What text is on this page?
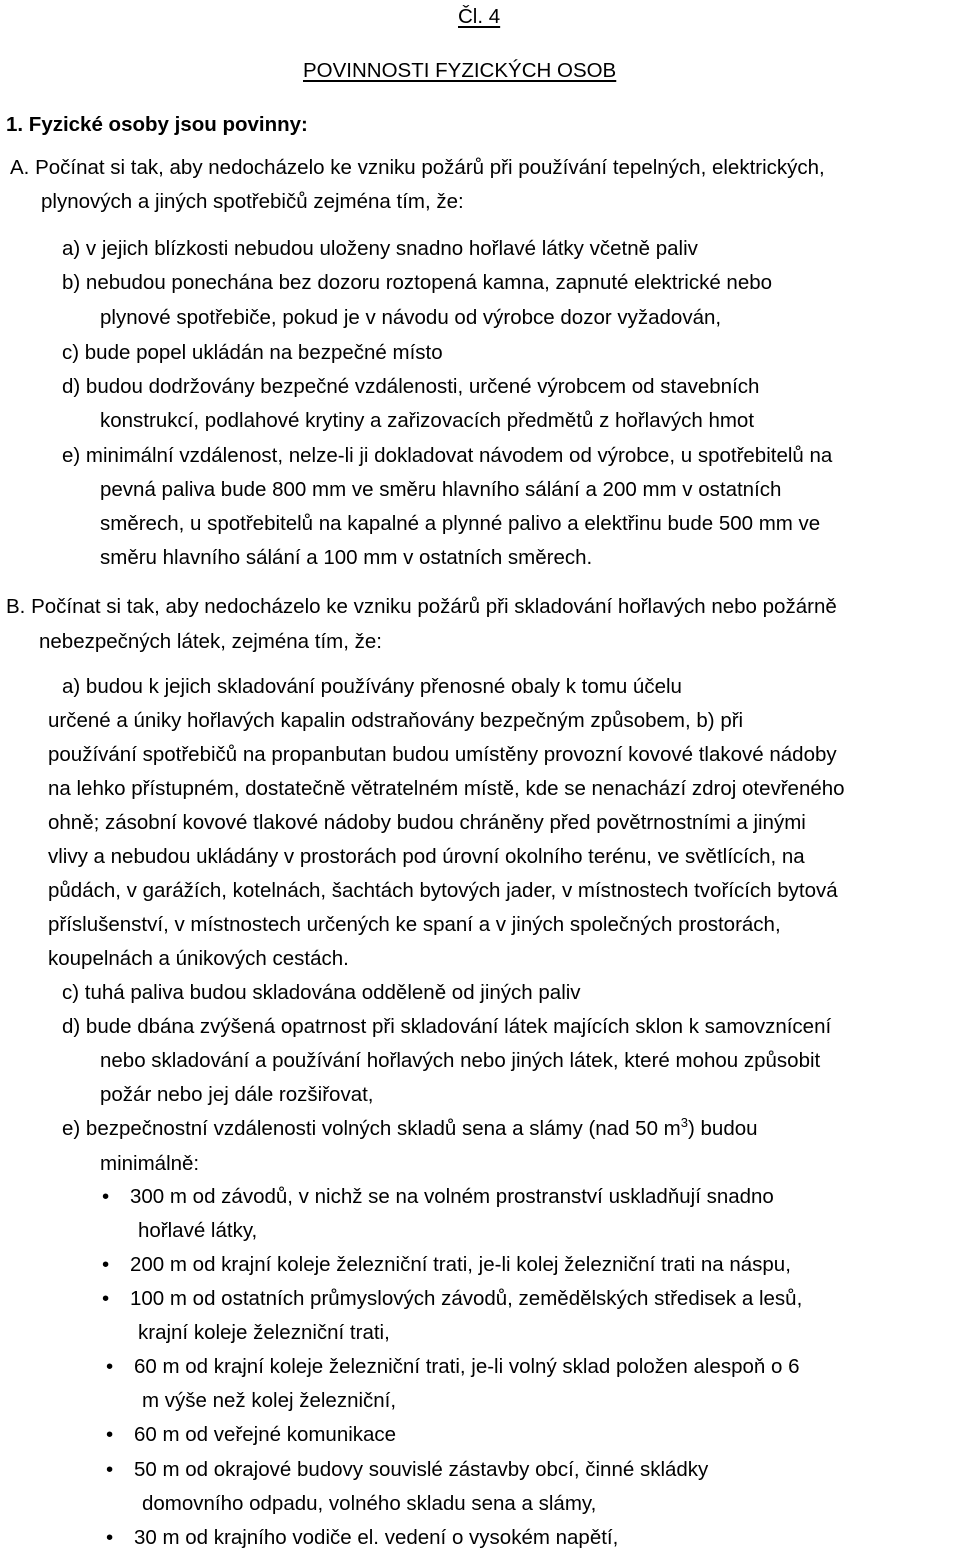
Čl. 4
POVINNOSTI FYZICKÝCH OSOB
1. Fyzické osoby jsou povinny:
A. Počínat si tak, aby nedocházelo ke vzniku požárů při používání tepelných, elektrických,
plynových a jiných spotřebičů zejména tím, že:
a) v jejich blízkosti nebudou uloženy snadno hořlavé látky včetně paliv
b) nebudou ponechána bez dozoru roztopená kamna, zapnuté elektrické nebo
plynové spotřebiče, pokud je v návodu od výrobce dozor vyžadován,
c) bude popel ukládán na bezpečné místo
d) budou dodržovány bezpečné vzdálenosti, určené výrobcem od stavebních
konstrukcí, podlahové krytiny a zařizovacích předmětů z hořlavých hmot
e) minimální vzdálenost, nelze-li ji dokladovat návodem od výrobce, u spotřebitelů na
pevná paliva bude 800 mm ve směru hlavního sálání a 200 mm v ostatních
směrech, u spotřebitelů na kapalné a plynné palivo a elektřinu bude 500 mm ve
směru hlavního sálání a 100 mm v ostatních směrech.
B. Počínat si tak, aby nedocházelo ke vzniku požárů při skladování hořlavých nebo požárně
nebezpečných látek, zejména tím, že:
a) budou k jejich skladování používány přenosné obaly k tomu účelu
určené a úniky hořlavých kapalin odstraňovány bezpečným způsobem, b) při
používání spotřebičů na propanbutan budou umístěny provozní kovové tlakové nádoby
na lehko přístupném, dostatečně větratelném místě, kde se nenachází zdroj otevřeného
ohně; zásobní kovové tlakové nádoby budou chráněny před povětrnostními a jinými
vlivy a nebudou ukládány v prostorách pod úrovní okolního terénu, ve světlících, na
půdách, v garážích, kotelnách, šachtách bytových jader, v místnostech tvořících bytová
příslušenství, v místnostech určených ke spaní a v jiných společných prostorách,
koupelnách a únikových cestách.
c) tuhá paliva budou skladována odděleně od jiných paliv
d) bude dbána zvýšená opatrnost při skladování látek majících sklon k samovznícení
nebo skladování a používání hořlavých nebo jiných látek, které mohou způsobit
požár nebo jej dále rozšiřovat,
e) bezpečnostní vzdálenosti volných skladů sena a slámy (nad 50 $m^3$) budou
minimálně:
• 300 m od závodů, v nichž se na volném prostranství uskladňují snadno
hořlavé látky,
• 200 m od krajní koleje železniční trati, je-li kolej železniční trati na náspu,
• 100 m od ostatních průmyslových závodů, zemědělských středisek a lesů,
krajní koleje železniční trati,
• 60 m od krajní koleje železniční trati, je-li volný sklad položen alespoň o 6
m výše než kolej železniční,
• 60 m od veřejné komunikace
• 50 m od okrajové budovy souvislé zástavby obcí, činné skládky
domovního odpadu, volného skladu sena a slámy,
• 30 m od krajního vodiče el. vedení o vysokém napětí,
